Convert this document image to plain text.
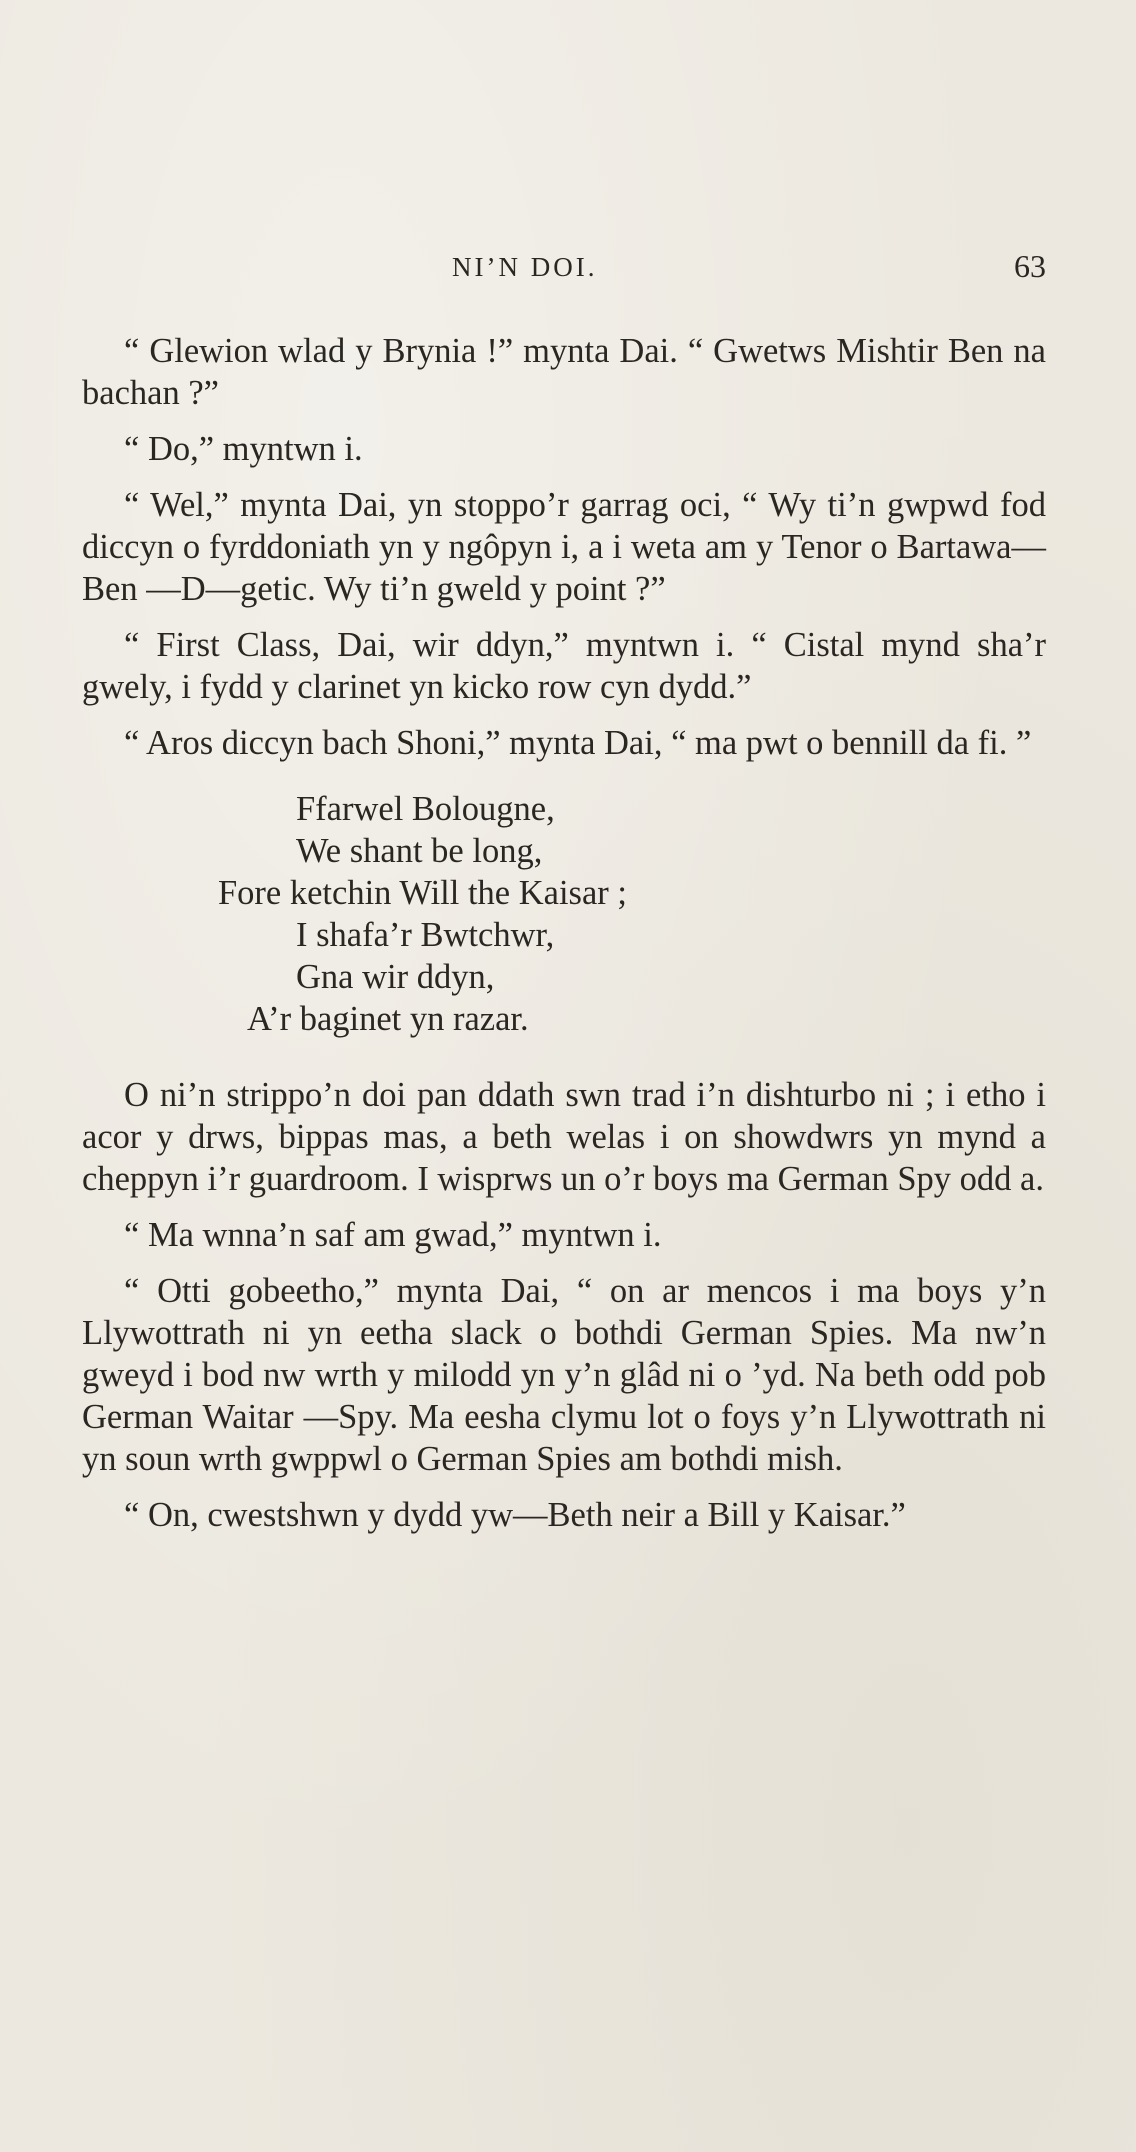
NI’N DOI.	63

“ Glewion wlad y Brynia !” mynta Dai. “ Gwetws Mishtir Ben na bachan ?”

“ Do,” myntwn i.

“ Wel,” mynta Dai, yn stoppo’r garrag oci, “ Wy ti’n gwpwd fod diccyn o fyrddoniath yn y ngôpyn i, a i weta am y Tenor o Bartawa—Ben —D—getic. Wy ti’n gweld y point ?”

“ First Class, Dai, wir ddyn,” myntwn i. “ Cistal mynd sha’r gwely, i fydd y clarinet yn kicko row cyn dydd.”

“ Aros diccyn bach Shoni,” mynta Dai, “ ma pwt o bennill da fi. ”

Ffarwel Bolougne,
We shant be long,
Fore ketchin Will the Kaisar ;
I shafa’r Bwtchwr,
Gna wir ddyn,
A’r baginet yn razar.

O ni’n strippo’n doi pan ddath swn trad i’n dishturbo ni ; i etho i acor y drws, bippas mas, a beth welas i on showdwrs yn mynd a cheppyn i’r guardroom. I wisprws un o’r boys ma German Spy odd a.

“ Ma wnna’n saf am gwad,” myntwn i.

“ Otti gobeetho,” mynta Dai, “ on ar mencos i ma boys y’n Llywottrath ni yn eetha slack o bothdi German Spies. Ma nw’n gweyd i bod nw wrth y milodd yn y’n glâd ni o ’yd. Na beth odd pob German Waitar —Spy. Ma eesha clymu lot o foys y’n Llywottrath ni yn soun wrth gwppwl o German Spies am bothdi mish.

“ On, cwestshwn y dydd yw—Beth neir a Bill y Kaisar.”
